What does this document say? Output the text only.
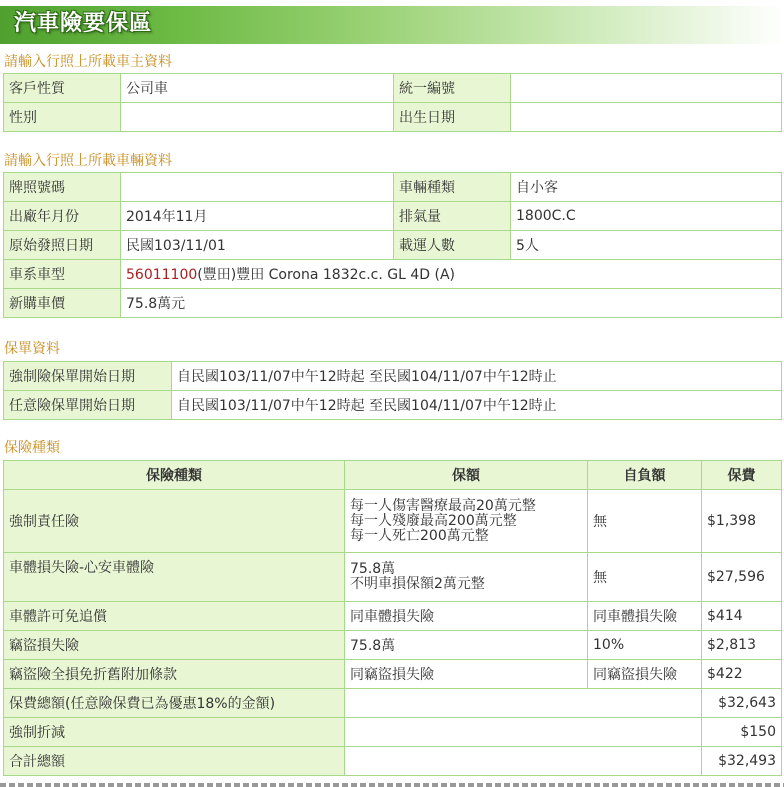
汽車險要保區
請輸入行照上所載車主資料
客戶性質	公司車	統一編號	
性別		出生日期	
請輸入行照上所載車輛資料
牌照號碼		車輛種類	自小客
出廠年月份	2014年11月	排氣量	1800C.C
原始發照日期	民國103/11/01	載運人數	5人
車系車型	56011100(豐田)豐田 Corona 1832c.c. GL 4D (A)		
新購車價	75.8萬元		
保單資料
強制險保單開始日期	自民國103/11/07中午12時起 至民國104/11/07中午12時止
任意險保單開始日期	自民國103/11/07中午12時起 至民國104/11/07中午12時止
保險種類
保險種類	保額	自負額	保費
強制責任險	每一人傷害醫療最高20萬元整
每一人殘廢最高200萬元整
每一人死亡200萬元整	無	$1,398
車體損失險-心安車體險	75.8萬
不明車損保額2萬元整	無	$27,596
車體許可免追償	同車體損失險	同車體損失險	$414
竊盜損失險	75.8萬	10%	$2,813
竊盜險全損免折舊附加條款	同竊盜損失險	同竊盜損失險	$422
保費總額(任意險保費已為優惠18%的金額)			$32,643
強制折減			$150
合計總額			$32,493
